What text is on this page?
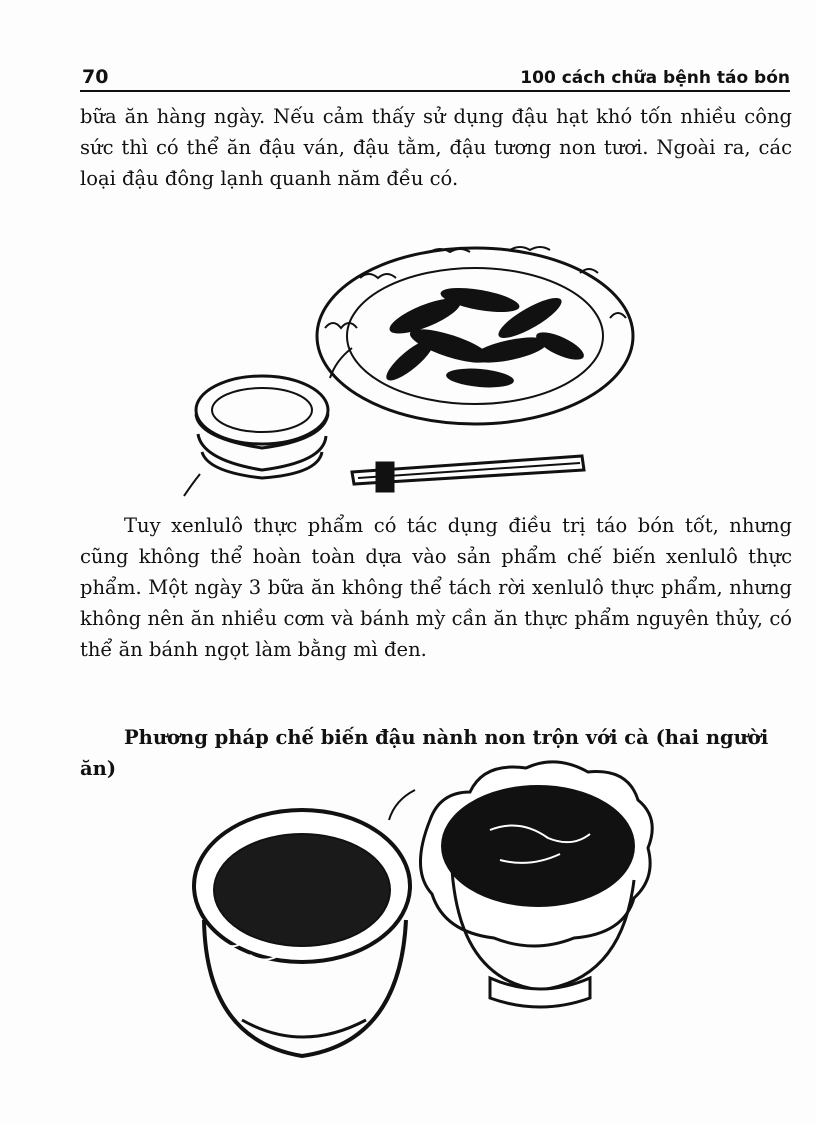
70	100 cách chữa bệnh táo bón

bữa ăn hàng ngày. Nếu cảm thấy sử dụng đậu hạt khó tốn nhiều công sức thì có thể ăn đậu ván, đậu tằm, đậu tương non tươi. Ngoài ra, các loại đậu đông lạnh quanh năm đều có.

Tuy xenlulô thực phẩm có tác dụng điều trị táo bón tốt, nhưng cũng không thể hoàn toàn dựa vào sản phẩm chế biến xenlulô thực phẩm. Một ngày 3 bữa ăn không thể tách rời xenlulô thực phẩm, nhưng không nên ăn nhiều cơm và bánh mỳ cần ăn thực phẩm nguyên thủy, có thể ăn bánh ngọt làm bằng mì đen.

Phương pháp chế biến đậu nành non trộn với cà (hai người ăn)
